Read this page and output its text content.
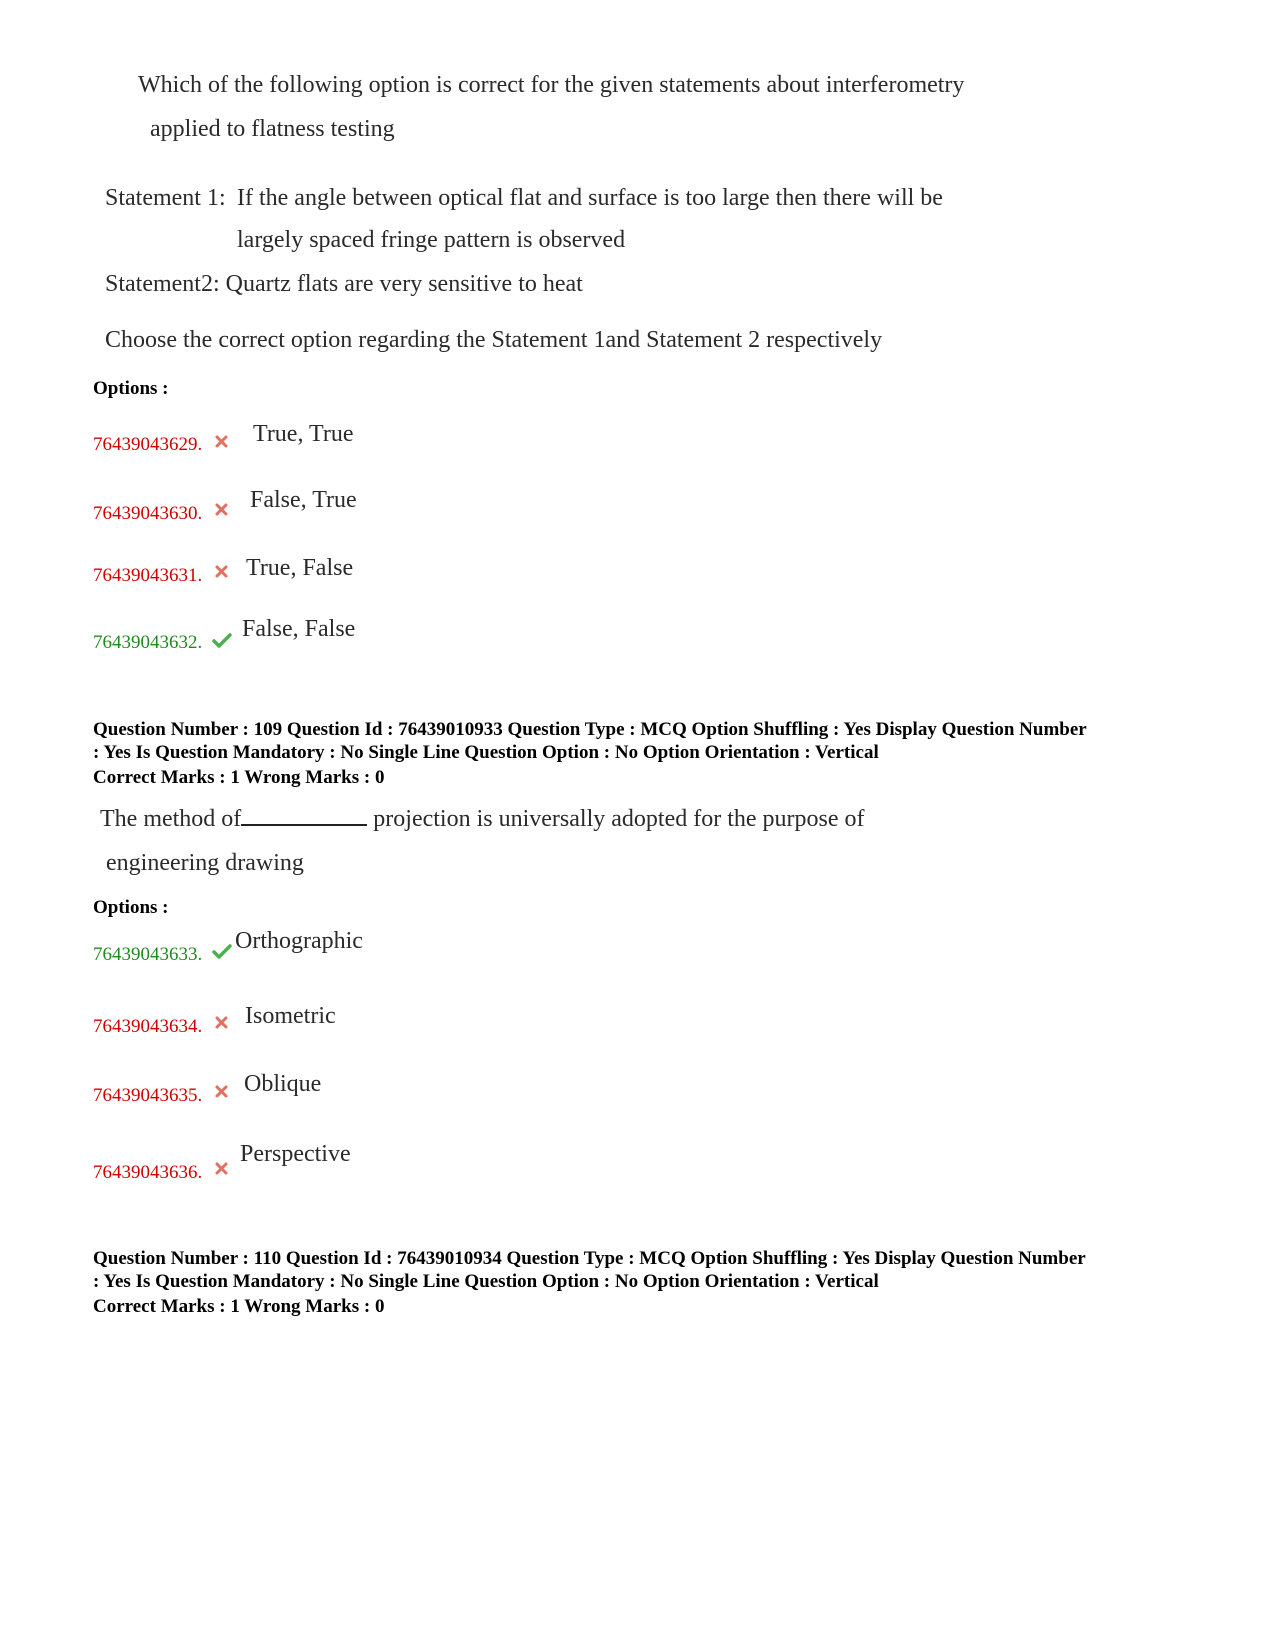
Which of the following option is correct for the given statements about interferometry
applied to flatness testing
Statement 1: If the angle between optical flat and surface is too large then there will be
largely spaced fringe pattern is observed
Statement2: Quartz flats are very sensitive to heat
Choose the correct option regarding the Statement 1and Statement 2 respectively
Options :
76439043629. True, True
76439043630.
False, True
76439043631. True, False
76439043632.
False, False
Question Number : 109 Question Id : 76439010933 Question Type : MCQ Option Shuffling : Yes Display Question Number
: Yes Is Question Mandatory : No Single Line Question Option : No Option Orientation : Vertical
Correct Marks : 1 Wrong Marks : 0
The method of	projection is universally adopted for the purpose of
engineering drawing
Options :
76439043633.
Orthographic
76439043634. Isometric
76439043635. Oblique
76439043636.
Perspective
Question Number : 110 Question Id : 76439010934 Question Type : MCQ Option Shuffling : Yes Display Question Number
: Yes Is Question Mandatory : No Single Line Question Option : No Option Orientation : Vertical
Correct Marks : 1 Wrong Marks : 0
